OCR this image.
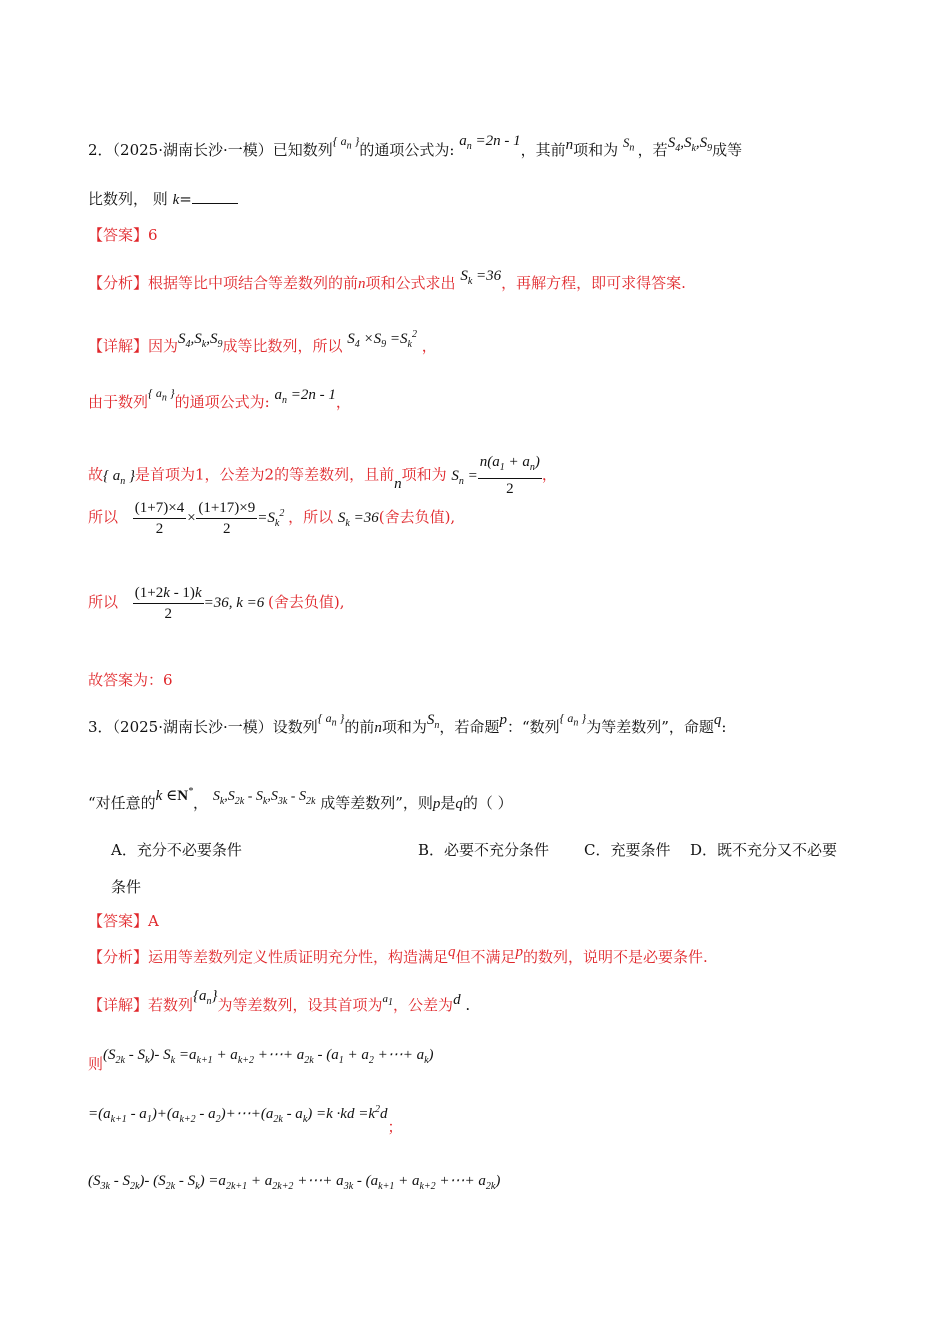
2．（2025·湖南长沙·一模）已知数列$^{\{ a_n \}}$的通项公式为: $a_n =2n - 1$，其前n项和为 $S_n$ ，若$S_4,S_k,S_9$成等
比数列， 则 k=
【答案】6
【分析】根据等比中项结合等差数列的前n项和公式求出 $S_k =36$，再解方程，即可求得答案.
【详解】因为$S_4,S_k,S_9$成等比数列，所以 $S_4 \times S_9 =S_k^2$ ，
由于数列$^{\{ a_n \}}$的通项公式为: $a_n =2n - 1$，
故{ $a_n$ }是首项为1，公差为2的等差数列，且前n项和为 $S_n = \frac{n(a_1 + a_n)}{2}$ ，
所以 $\frac{(1+7)\times 4}{2} \times \frac{(1+17)\times 9}{2} =S_k^2$ ，所以 $S_k =36$(舍去负值),
所以 $\frac{(1+2k - 1)k}{2} =36$, k =6 (舍去负值),
故答案为：6
3．（2025·湖南长沙·一模）设数列$^{\{ a_n \}}$的前n项和为$S_n$，若命题p：“数列$^{\{ a_n \}}$为等差数列”，命题q:
“对任意的k ∈N*， $S_k,S_{2k} - S_k,S_{3k} - S_{2k}$ 成等差数列”，则p是q的（ ）
A．充分不必要条件	B．必要不充分条件 C．充要条件 D．既不充分又不必要
条件
【答案】A
【分析】运用等差数列定义性质证明充分性，构造满足q但不满足p的数列，说明不是必要条件.
【详解】若数列$\{a_n\}$为等差数列，设其首项为$^{a_1}$，公差为d .
则$(S_{2k} - S_k)-$ $S_k =a_{k+1} + a_{k+2}$ +⋯+ $a_{2k} - (a_1 + a_2$ +⋯+ $a_k$)
$=(a_{k+1} - a_1)+(a_{k+2}$ - $a_2)+\cdots+(a_{2k} - a_k) =k \cdot kd =k^2d$；
$(S_{3k} - S_{2k})-$ $(S_{2k} - S_k) =a_{2k+1} + a_{2k+2}$ +⋯+ $a_{3k} - (a_{k+1} + a_{k+2}$ +⋯+ $a_{2k}$)
